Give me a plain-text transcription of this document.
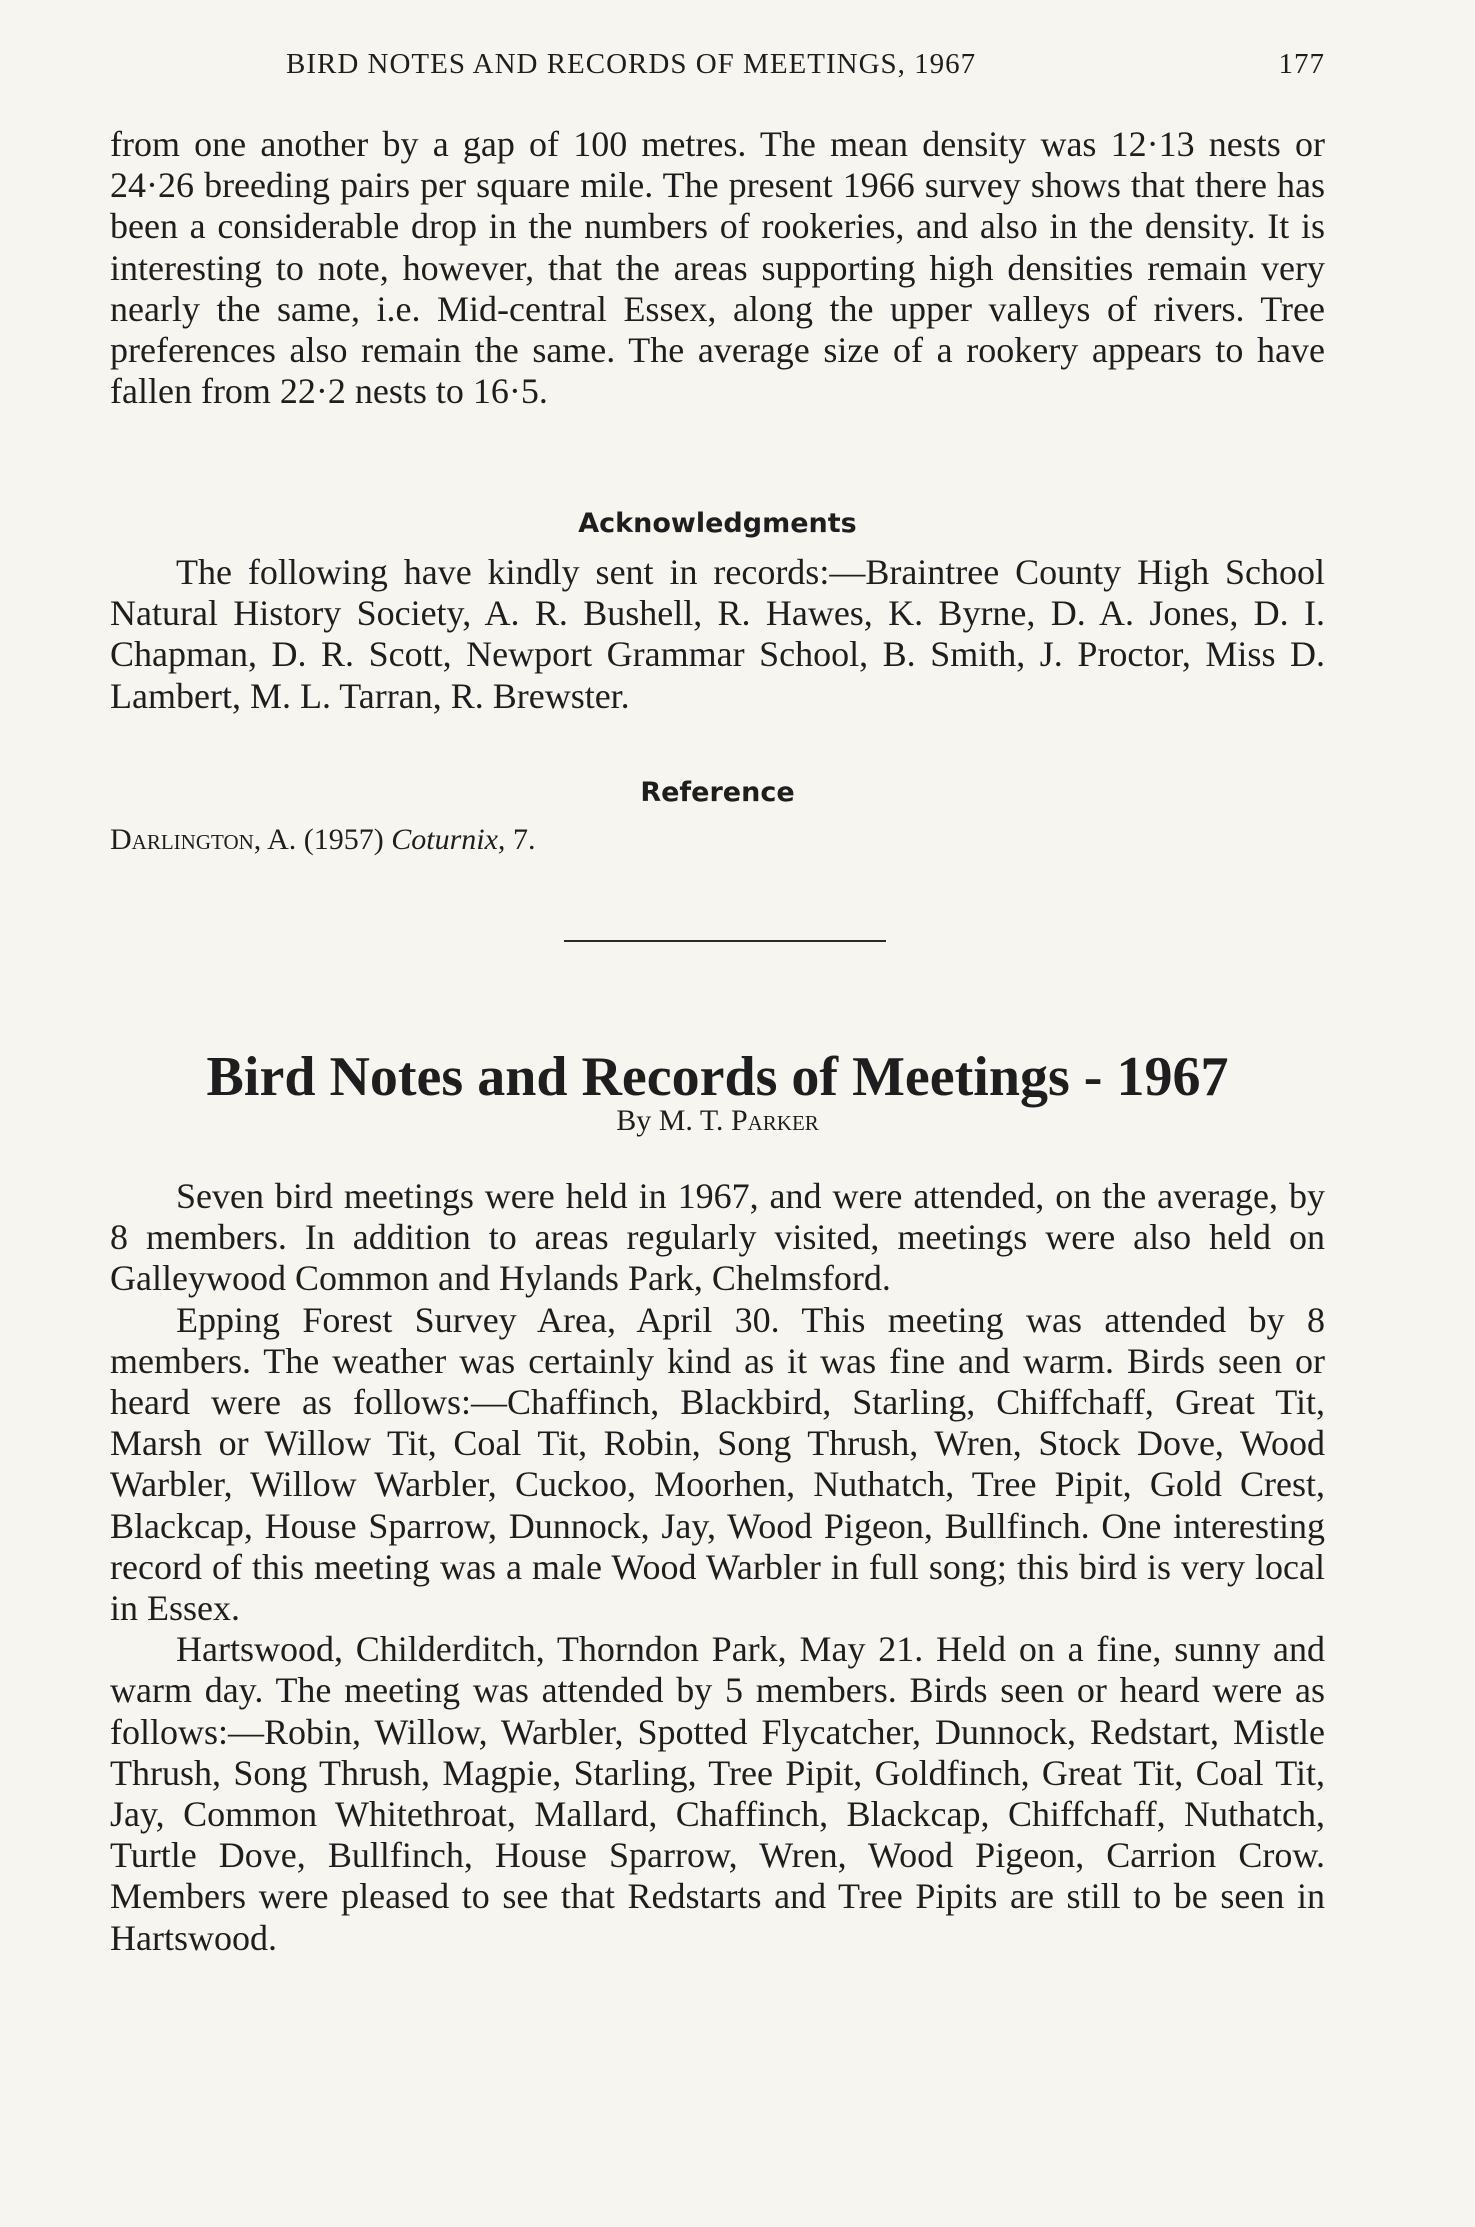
BIRD NOTES AND RECORDS OF MEETINGS, 1967	177

from one another by a gap of 100 metres. The mean density was 12·13 nests or 24·26 breeding pairs per square mile. The present 1966 survey shows that there has been a considerable drop in the numbers of rookeries, and also in the density. It is interesting to note, however, that the areas supporting high densities remain very nearly the same, i.e. Mid-central Essex, along the upper valleys of rivers. Tree preferences also remain the same. The average size of a rookery appears to have fallen from 22·2 nests to 16·5.

Acknowledgments

The following have kindly sent in records:—Braintree County High School Natural History Society, A. R. Bushell, R. Hawes, K. Byrne, D. A. Jones, D. I. Chapman, D. R. Scott, Newport Grammar School, B. Smith, J. Proctor, Miss D. Lambert, M. L. Tarran, R. Brewster.

Reference
Darlington, A. (1957) Coturnix, 7.
Bird Notes and Records of Meetings - 1967
By M. T. Parker

Seven bird meetings were held in 1967, and were attended, on the average, by 8 members. In addition to areas regularly visited, meetings were also held on Galleywood Common and Hylands Park, Chelmsford.

Epping Forest Survey Area, April 30. This meeting was attended by 8 members. The weather was certainly kind as it was fine and warm. Birds seen or heard were as follows:—Chaffinch, Blackbird, Starling, Chiffchaff, Great Tit, Marsh or Willow Tit, Coal Tit, Robin, Song Thrush, Wren, Stock Dove, Wood Warbler, Willow Warbler, Cuckoo, Moorhen, Nuthatch, Tree Pipit, Gold Crest, Blackcap, House Sparrow, Dunnock, Jay, Wood Pigeon, Bullfinch. One interesting record of this meeting was a male Wood Warbler in full song; this bird is very local in Essex.

Hartswood, Childerditch, Thorndon Park, May 21. Held on a fine, sunny and warm day. The meeting was attended by 5 members. Birds seen or heard were as follows:—Robin, Willow, Warbler, Spotted Flycatcher, Dunnock, Redstart, Mistle Thrush, Song Thrush, Magpie, Starling, Tree Pipit, Goldfinch, Great Tit, Coal Tit, Jay, Common Whitethroat, Mallard, Chaffinch, Blackcap, Chiffchaff, Nuthatch, Turtle Dove, Bullfinch, House Sparrow, Wren, Wood Pigeon, Carrion Crow. Members were pleased to see that Redstarts and Tree Pipits are still to be seen in Hartswood.
